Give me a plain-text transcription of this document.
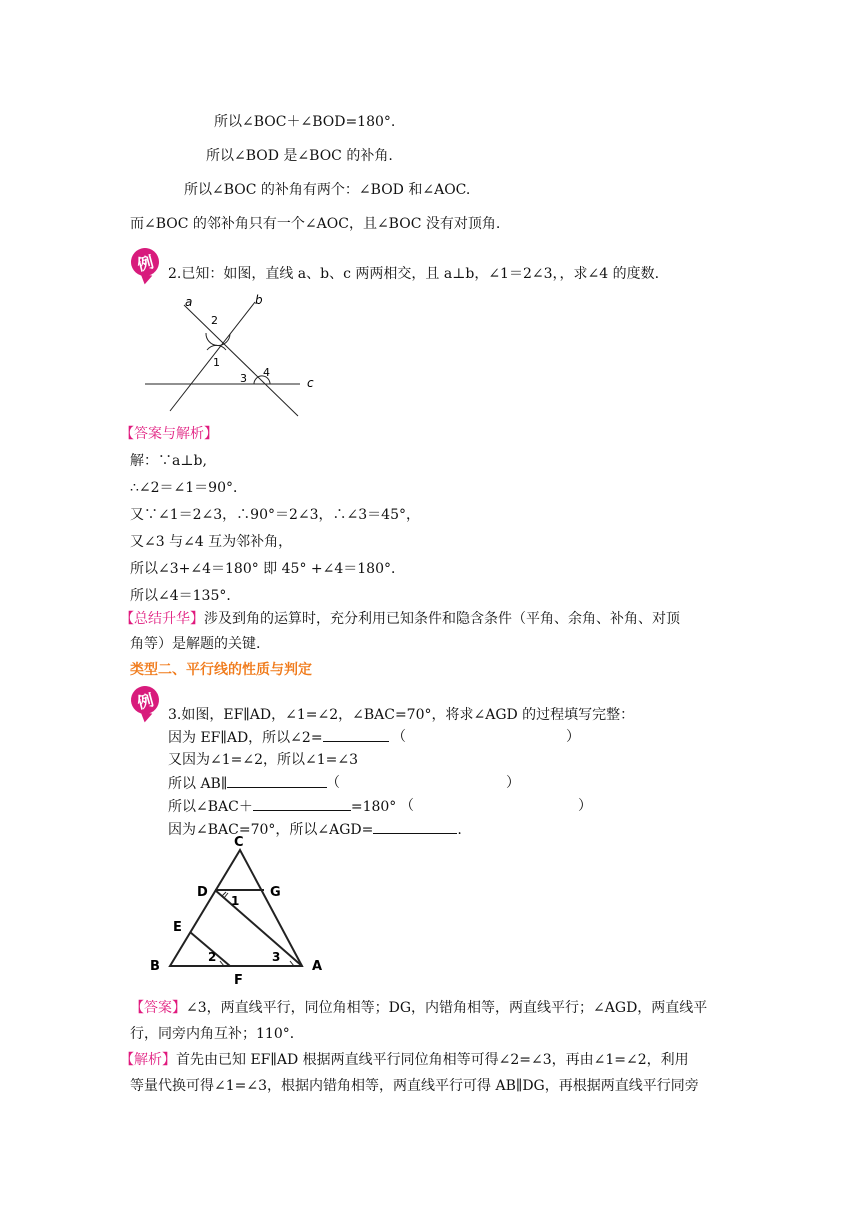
所以∠BOC＋∠BOD=180°.
所以∠BOD 是∠BOC 的补角.
所以∠BOC 的补角有两个：∠BOD 和∠AOC.
而∠BOC 的邻补角只有一个∠AOC，且∠BOC 没有对顶角.
例 2.已知：如图，直线 a、b、c 两两相交，且 a⊥b，∠1＝2∠3，，求∠4 的度数.
a	b
c
2
1
3 4
【答案与解析】
解：∵a⊥b,
∴∠2＝∠1＝90°．
又∵∠1＝2∠3，∴90°＝2∠3，∴∠3＝45°，
又∠3 与∠4 互为邻补角，
所以∠3+∠4＝180° 即 45° +∠4＝180°．
所以∠4＝135°．
【总结升华】涉及到角的运算时，充分利用已知条件和隐含条件（平角、余角、补角、对顶
角等）是解题的关键.
类型二、平行线的性质与判定
例
3.如图，EF∥AD，∠1=∠2，∠BAC=70°，将求∠AGD 的过程填写完整：
因为 EF∥AD，所以∠2=	（	）
又因为∠1=∠2，所以∠1=∠3
所以 AB∥	（	）
所以∠BAC＋	=180° （	）
因为∠BAC=70°，所以∠AGD=	.
C
D	G
E
B
F
A
1
2	3
【答案】∠3，两直线平行，同位角相等；DG，内错角相等，两直线平行；∠AGD，两直线平
行，同旁内角互补；110°．
【解析】首先由已知 EF∥AD 根据两直线平行同位角相等可得∠2=∠3，再由∠1=∠2，利用
等量代换可得∠1=∠3，根据内错角相等，两直线平行可得 AB∥DG，再根据两直线平行同旁
